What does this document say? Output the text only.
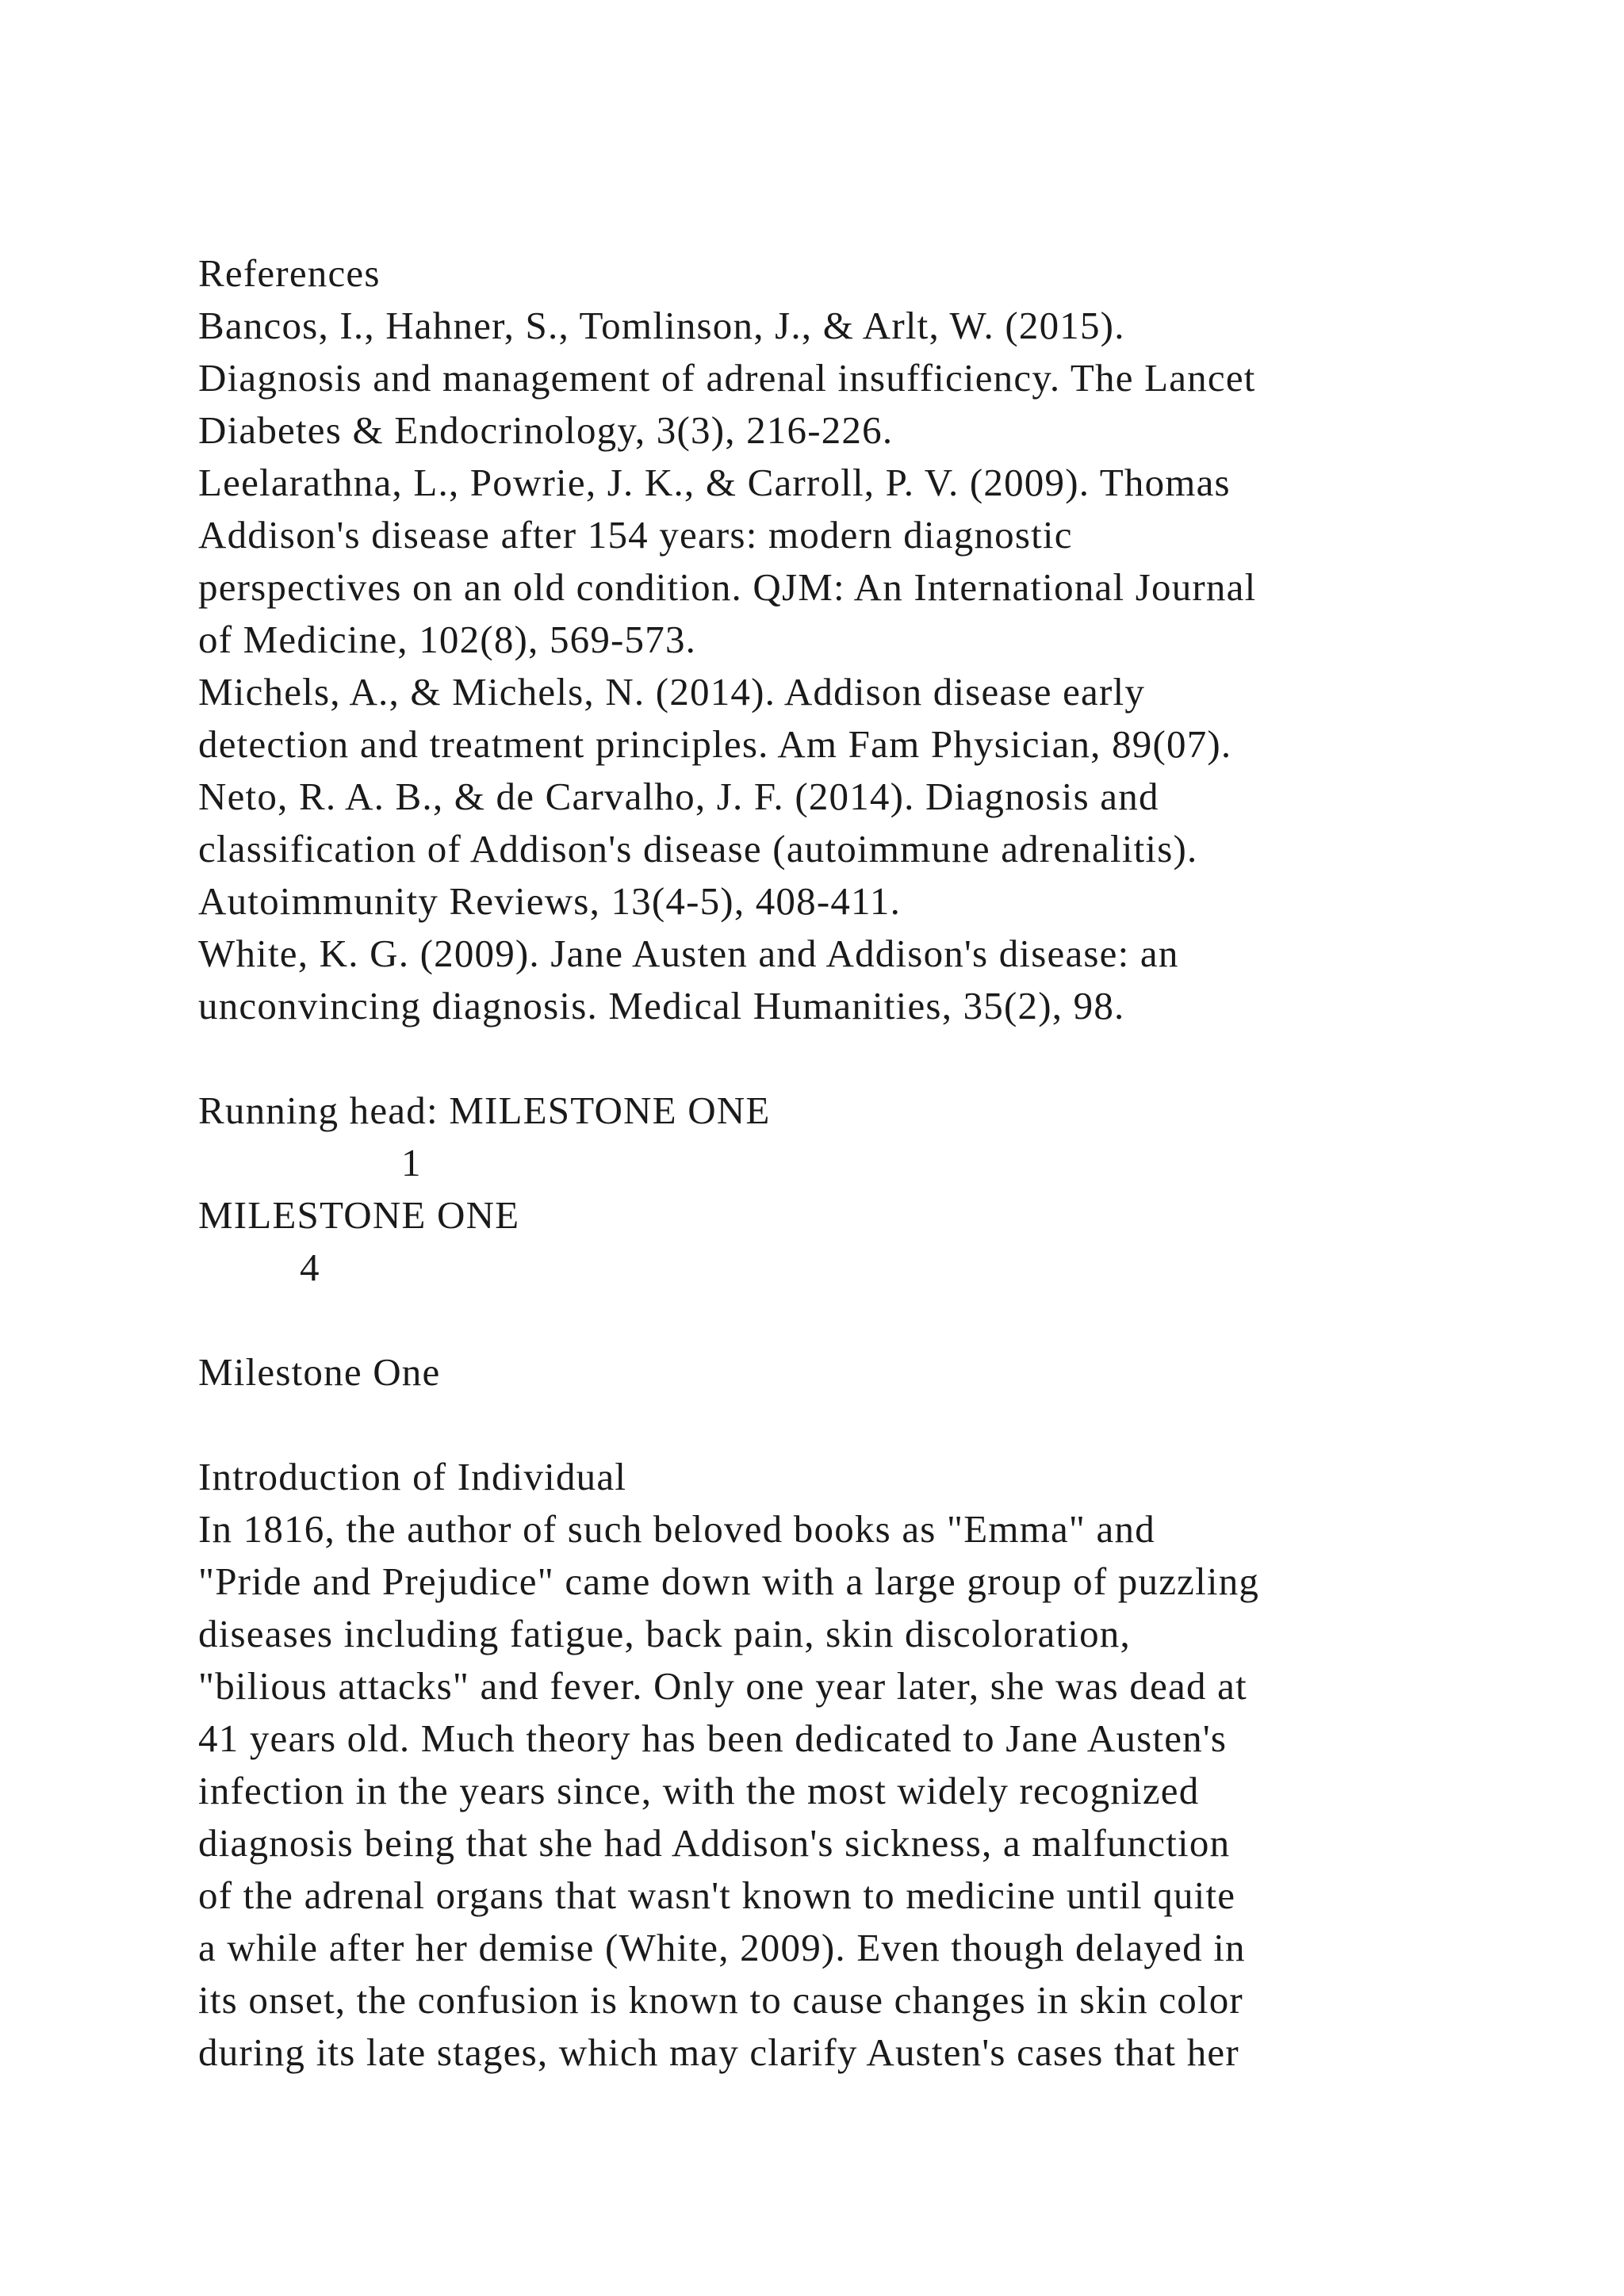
References
Bancos, I., Hahner, S., Tomlinson, J., & Arlt, W. (2015).
Diagnosis and management of adrenal insufficiency. The Lancet
Diabetes & Endocrinology, 3(3), 216-226.
Leelarathna, L., Powrie, J. K., & Carroll, P. V. (2009). Thomas
Addison's disease after 154 years: modern diagnostic
perspectives on an old condition. QJM: An International Journal
of Medicine, 102(8), 569-573.
Michels, A., & Michels, N. (2014). Addison disease early
detection and treatment principles. Am Fam Physician, 89(07).
Neto, R. A. B., & de Carvalho, J. F. (2014). Diagnosis and
classification of Addison's disease (autoimmune adrenalitis).
Autoimmunity Reviews, 13(4-5), 408-411.
White, K. G. (2009). Jane Austen and Addison's disease: an
unconvincing diagnosis. Medical Humanities, 35(2), 98.
Running head: MILESTONE ONE
1
MILESTONE ONE
4
Milestone One
Introduction of Individual
In 1816, the author of such beloved books as "Emma" and
"Pride and Prejudice" came down with a large group of puzzling
diseases including fatigue, back pain, skin discoloration,
"bilious attacks" and fever. Only one year later, she was dead at
41 years old. Much theory has been dedicated to Jane Austen's
infection in the years since, with the most widely recognized
diagnosis being that she had Addison's sickness, a malfunction
of the adrenal organs that wasn't known to medicine until quite
a while after her demise (White, 2009). Even though delayed in
its onset, the confusion is known to cause changes in skin color
during its late stages, which may clarify Austen's cases that her
